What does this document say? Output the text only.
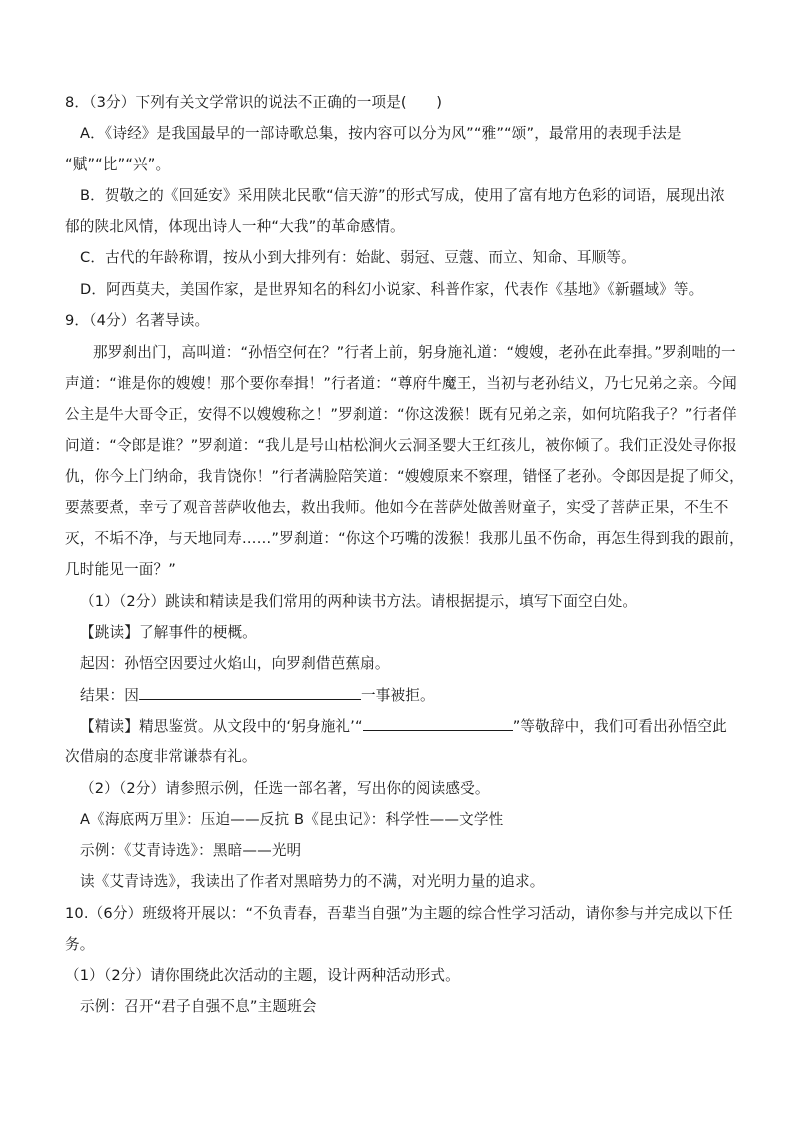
8．（3分）下列有关文学常识的说法不正确的一项是(　　)
A．《诗经》是我国最早的一部诗歌总集，按内容可以分为风”“雅”“颂”，最常用的表现手法是
“赋”“比”“兴”。
B．贺敬之的《回延安》采用陕北民歌“信天游”的形式写成，使用了富有地方色彩的词语，展现出浓
郁的陕北风情，体现出诗人一种“大我”的革命感情。
C．古代的年龄称谓，按从小到大排列有：始龀、弱冠、豆蔻、而立、知命、耳顺等。
D．阿西莫夫，美国作家，是世界知名的科幻小说家、科普作家，代表作《基地》《新疆域》等。
9．（4分）名著导读。
那罗刹出门，高叫道：“孙悟空何在？”行者上前，躬身施礼道：“嫂嫂，老孙在此奉揖。”罗刹咄的一
声道：“谁是你的嫂嫂！那个要你奉揖！”行者道：“尊府牛魔王，当初与老孙结义，乃七兄弟之亲。今闻
公主是牛大哥令正，安得不以嫂嫂称之！”罗刹道：“你这泼猴！既有兄弟之亲，如何坑陷我子？”行者佯
问道：“令郎是谁？”罗刹道：“我儿是号山枯松涧火云洞圣婴大王红孩儿，被你倾了。我们正没处寻你报
仇，你今上门纳命，我肯饶你！”行者满脸陪笑道：“嫂嫂原来不察理，错怪了老孙。令郎因是捉了师父，
要蒸要煮，幸亏了观音菩萨收他去，救出我师。他如今在菩萨处做善财童子，实受了菩萨正果，不生不
灭，不垢不净，与天地同寿……”罗刹道：“你这个巧嘴的泼猴！我那儿虽不伤命，再怎生得到我的跟前，
几时能见一面？”
（1）（2分）跳读和精读是我们常用的两种读书方法。请根据提示，填写下面空白处。
【跳读】了解事件的梗概。
起因：孙悟空因要过火焰山，向罗刹借芭蕉扇。
结果：因	一事被拒。
【精读】精思鉴赏。从文段中的‘躬身施礼’“	”等敬辞中，我们可看出孙悟空此
次借扇的态度非常谦恭有礼。
（2）（2分）请参照示例，任选一部名著，写出你的阅读感受。
A《海底两万里》：压迫——反抗 B《昆虫记》：科学性——文学性
示例：《艾青诗选》：黑暗——光明
读《艾青诗选》，我读出了作者对黑暗势力的不满，对光明力量的追求。
10.（6分）班级将开展以：“不负青春，吾辈当自强”为主题的综合性学习活动，请你参与并完成以下任
务。
（1）（2分）请你围绕此次活动的主题，设计两种活动形式。
示例：召开“君子自强不息”主题班会
